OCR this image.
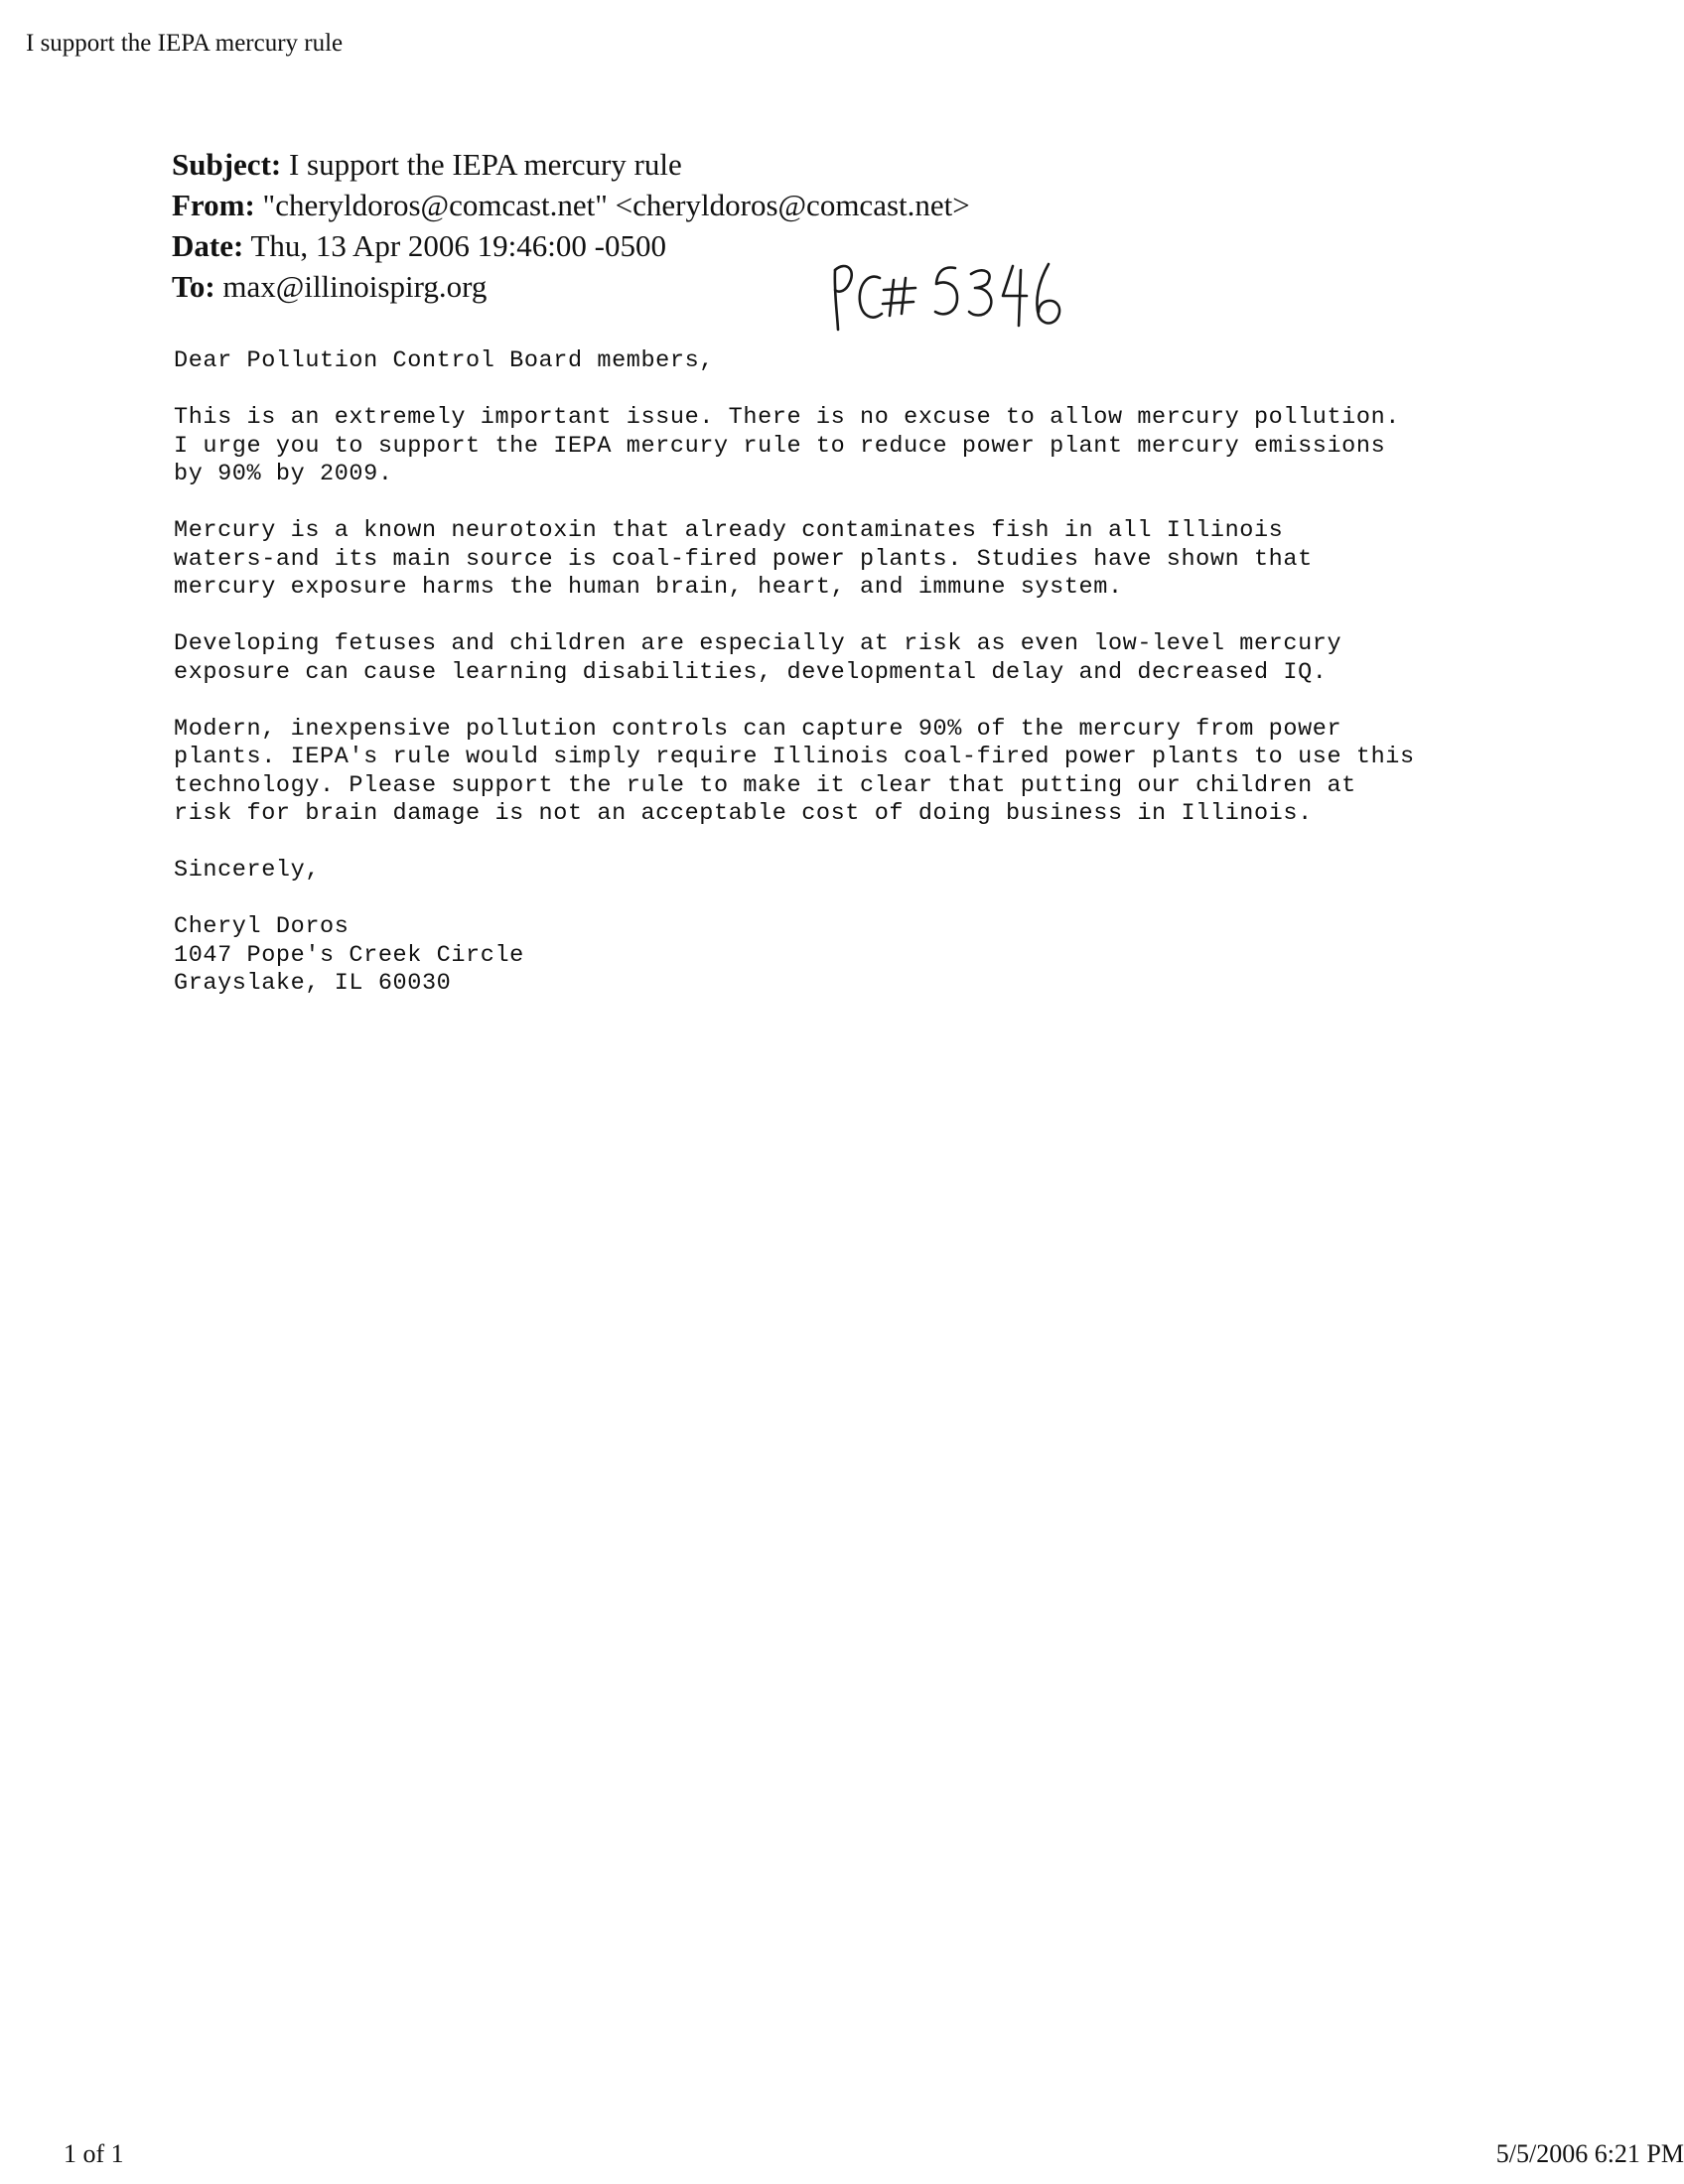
I support the IEPA mercury rule
Subject: I support the IEPA mercury rule
From: "cheryldoros@comcast.net" <cheryldoros@comcast.net>
Date: Thu, 13 Apr 2006 19:46:00 -0500
To: max@illinoispirg.org

Dear Pollution Control Board members,

This is an extremely important issue. There is no excuse to allow mercury pollution.
I urge you to support the IEPA mercury rule to reduce power plant mercury emissions
by 90% by 2009.

Mercury is a known neurotoxin that already contaminates fish in all Illinois
waters-and its main source is coal-fired power plants. Studies have shown that
mercury exposure harms the human brain, heart, and immune system.

Developing fetuses and children are especially at risk as even low-level mercury
exposure can cause learning disabilities, developmental delay and decreased IQ.

Modern, inexpensive pollution controls can capture 90% of the mercury from power
plants. IEPA's rule would simply require Illinois coal-fired power plants to use this
technology. Please support the rule to make it clear that putting our children at
risk for brain damage is not an acceptable cost of doing business in Illinois.

Sincerely,

Cheryl Doros
1047 Pope's Creek Circle
Grayslake, IL 60030

1 of 1	5/5/2006 6:21 PM
